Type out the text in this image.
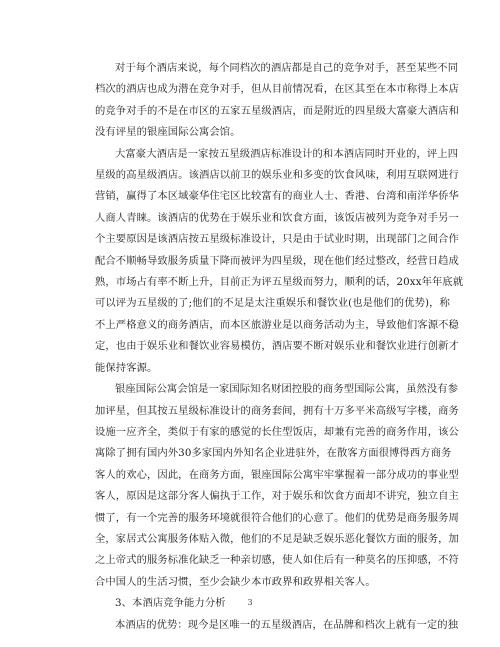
对于每个酒店来说，每个同档次的酒店都是自己的竞争对手，甚至某些不同
档次的酒店也成为潜在竞争对手，但从目前情况看，在区其至在本市称得上本店
的竞争对手的不是在市区的五家五星级酒店，而是附近的四星级大富豪大酒店和
没有评星的银座国际公寓会馆。
大富豪大酒店是一家按五星级酒店标准设计的和本酒店同时开业的，评上四
星级的高星级酒店。该酒店以前卫的娱乐业和多变的饮食风味，利用互联网进行
营销，赢得了本区域豪华住宅区比较富有的商业人士、香港、台湾和南洋华侨华
人商人青睐。该酒店的优势在于娱乐业和饮食方面，该饭店被列为竞争对手另一
个主要原因是该酒店按五星级标准设计，只是由于试业时期，出现部门之间合作
配合不顺畅导致服务质量下降而被评为四星级，现在他们经过整改，经营日趋成
熟，市场占有率不断上升，目前正为评五星级而努力，顺利的话，20xx年年底就
可以评为五星级的了;他们的不足是太注重娱乐和餐饮业(也是他们的优势)，称
不上严格意义的商务酒店，而本区旅游业是以商务活动为主，导致他们客源不稳
定，也由于娱乐业和餐饮业容易模仿，酒店要不断对娱乐业和餐饮业进行创新才
能保持客源。
银座国际公寓会馆是一家国际知名财团控股的商务型国际公寓，虽然没有参
加评星，但其按五星级标准设计的商务套间，拥有十万多平米高级写字楼，商务
设施一应齐全，类似于有家的感觉的长住型饭店，却兼有完善的商务作用，该公
寓除了拥有国内外30多家国内外知名企业进驻外，在散客方面很博得西方商务
客人的欢心，因此，在商务方面，银座国际公寓牢牢掌握着一部分成功的事业型
客人，原因是这部分客人偏执于工作，对于娱乐和饮食方面却不讲究，独立自主
惯了，有一个完善的服务环境就很符合他们的心意了。他们的优势是商务服务周
全，家居式公寓服务体贴入微，他们的不足是缺乏娱乐恶化餐饮方面的服务，加
之上帝式的服务标准化缺乏一种亲切感，使人如住后有一种莫名的压抑感，不符
合中国人的生活习惯，至少会缺少本市政界和政界相关客人。
3、本酒店竞争能力分析
本酒店的优势：现今是区唯一的五星级酒店，在品牌和档次上就有一定的独
3
